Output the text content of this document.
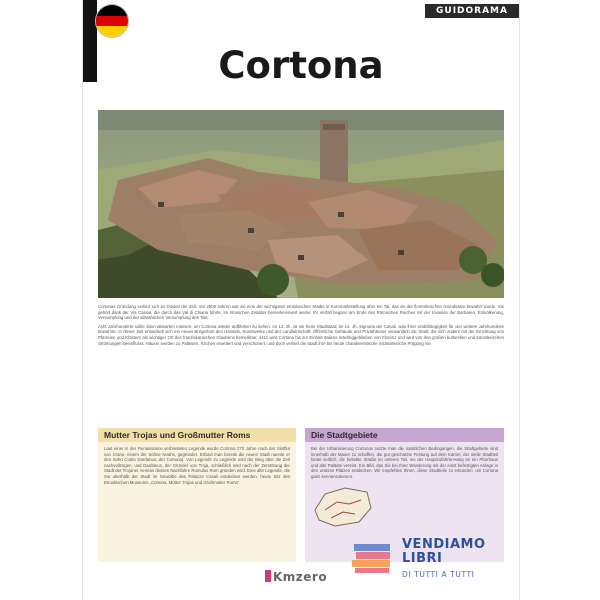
GUIDORAMA
Cortona

Cortonas Gründung verliert sich im Dunkel der Zeit. Vor 2500 Jahren war sie eine der wichtigsten etruskischen Städte in Kornmarktstellung über ein Tal, das sie die florentinischen Grundsätze bewahrt wurde. Sie gehört dank der Via Cassia, die durch das Val di Chiana führte, im römischen Zeitalter bemerkenswert weiter. Ihr Verfall begann am Ende des Römischen Reiches mit der Invasion der Barbaren, Entvölkerung, Versumpfung und der allmählichen Versumpfung des Tals.

Acht Jahrhunderte sollte dann abwarten müssen, um Cortona wieder aufblühen zu sehen. Im 13. Jh. ist sie freier Stadtstaat; im 14. Jh. Signoria der Casali, was ihrer Unabhängigkeit für vier weitere Jahrhunderte bewahrte. In dieser Zeit entwickelt sich ein neues Bürgertum des Handels, Kunstwerke und der Landwirtschaft. Öffentliche Gebäude und Privathäuser verwandeln die Stadt, die sich zudem mit der Errichtung von Pfarreien und Klöstern als wichtiger Ort des franziskanischen Glaubens bemerkbar. 1411 wird Cortona bis zur Einheit Italiens mächtiggeblieben von Florenz und wird von den großen kulturellen und künstlerischen Strömungen beeinflusst. Häuser werden zu Palästen, Kirchen erweitert und verschönert, und doch verliert die Stadt ihre bis heute charakteristische mittelalterliche Prägung nie.

Mutter Trojas und Großmutter Roms
Laut einer in der Renaissance verbreiteten Legende wurde Cortona 270 Jahre nach der Sintflut von Crano, einem der Söhne Noahs, gegründet. Erfand man bereits die neuen Stadt nannte er den Sohn Corito Dardanus, der Cortona). Von Legende zu Legende wird der Weg über die Zeit nachvollzogen, und Dardanus, der Gründer von Troja, schließlich wird nach der Zerstörung der Stadt der Trojaner Aeneas dessen Nachfahre Romulus Rom gründen wird. Eine alte Legende, die Sie oberhalb der Stadt im Gewölbe des Palazzo Casali entdecken werden: heute Sitz des Etruskischen Museums „Cortona, Mutter Trojas und Großmutter Roms“.
Die Stadtgebiete
Bei der Urbanisierung Cortonas nutzte man die natürlichen Bedingungen, die Stadtgebiete sind innerhalb der Mauer zu schaffen, die gut geschützte Festung auf dem Kamm, der steile Stadtteil bietet seitlich, die beliebte Straße im unteren Teil, wo der Hauptzufahrts-Hang an ein Pfarrhaus und alte Paläste vereint. Ein Bild, das Sie bei Ihrer Wanderung mit der einst befestigten Anlage in den unteren Plätzen entdecken. Wir empfehlen Ihnen, diese Stadtteile zu erkunden, um Cortona ganz kennenzulernen.
Kmzero
VENDIAMO
LIBRI
DI TUTTI A TUTTI
